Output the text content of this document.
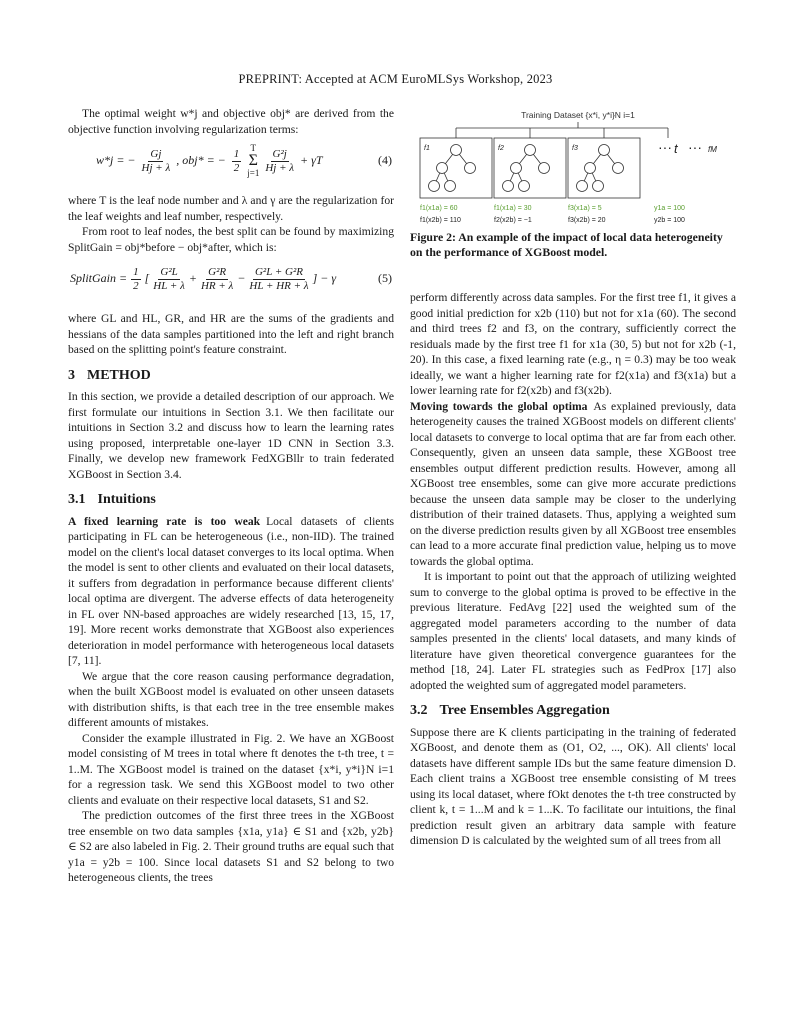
PREPRINT: Accepted at ACM EuroMLSys Workshop, 2023

The optimal weight w*j and objective obj* are derived from the objective function involving regularization terms:

w*j = − $\frac{Gj}{Hj + \lambda}$ , obj* = − $\frac{1}{2}$ T
Σ
$j=1 \frac{\text{G²j}}{Hj + \lambda} + \gamma T$	(4)

where T is the leaf node number and λ and γ are the regularization for the leaf weights and leaf number, respectively.

From root to leaf nodes, the best split can be found by maximizing SplitGain = obj*before − obj*after, which is:

SplitGain = $\frac{1}{2}$ [ $\frac{\text{G²L}}{HL + \lambda} + \frac{\text{G²R}}{HR + \lambda} - \frac{\text{G²L + G²R}}{HL + HR + \lambda}$ ] − γ	(5)

where GL and HL, GR, and HR are the sums of the gradients and hessians of the data samples partitioned into the left and right branch based on the splitting point's feature constraint.

3 METHOD

In this section, we provide a detailed description of our approach. We first formulate our intuitions in Section 3.1. We then facilitate our intuitions in Section 3.2 and discuss how to learn the learning rates using proposed, interpretable one-layer 1D CNN in Section 3.3. Finally, we develop new framework FedXGBllr to train federated XGBoost in Section 3.4.

3.1 Intuitions

A fixed learning rate is too weak Local datasets of clients participating in FL can be heterogeneous (i.e., non-IID). The trained model on the client's local dataset converges to its local optima. When the model is sent to other clients and evaluated on their local datasets, it suffers from degradation in performance because different clients' local optima are divergent. The adverse effects of data heterogeneity in FL over NN-based approaches are widely researched [13, 15, 17, 19]. More recent works demonstrate that XGBoost also experiences deterioration in model performance with heterogeneous local datasets [7, 11].

We argue that the core reason causing performance degradation, when the built XGBoost model is evaluated on other unseen datasets with distribution shifts, is that each tree in the tree ensemble makes different amounts of mistakes.

Consider the example illustrated in Fig. 2. We have an XGBoost model consisting of M trees in total where ft denotes the t-th tree, t = 1..M. The XGBoost model is trained on the dataset {x*i, y*i}N i=1 for a regression task. We send this XGBoost model to two other clients and evaluate on their respective local datasets, S1 and S2.

The prediction outcomes of the first three trees in the XGBoost tree ensemble on two data samples {x1a, y1a} ∈ S1 and {x2b, y2b} ∈ S2 are also labeled in Fig. 2. Their ground truths are equal such that y1a = y2b = 100. Since local datasets S1 and S2 belong to two heterogeneous clients, the trees

Training Dataset {x*i, y*i}N i=1
f1	f2	f3	··· t ··· fM
f1(x1a) = 60	f1(x1a) = 30	f3(x1a) = 5	y1a = 100
f1(x2b) = 110	f2(x2b) = −1	f3(x2b) = 20	y2b = 100
Figure 2: An example of the impact of local data heterogeneity on the performance of XGBoost model.

perform differently across data samples. For the first tree f1, it gives a good initial prediction for x2b (110) but not for x1a (60). The second and third trees f2 and f3, on the contrary, sufficiently correct the residuals made by the first tree f1 for x1a (30, 5) but not for x2b (-1, 20). In this case, a fixed learning rate (e.g., η = 0.3) may be too weak ideally, we want a higher learning rate for f2(x1a) and f3(x1a) but a lower learning rate for f2(x2b) and f3(x2b).

Moving towards the global optima As explained previously, data heterogeneity causes the trained XGBoost models on different clients' local datasets to converge to local optima that are far from each other. Consequently, given an unseen data sample, these XGBoost tree ensembles output different prediction results. However, among all XGBoost tree ensembles, some can give more accurate predictions because the unseen data sample may be closer to the underlying distribution of their trained datasets. Thus, applying a weighted sum on the diverse prediction results given by all XGBoost tree ensembles can lead to a more accurate final prediction value, helping us to move towards the global optima.

It is important to point out that the approach of utilizing weighted sum to converge to the global optima is proved to be effective in the previous literature. FedAvg [22] used the weighted sum of the aggregated model parameters according to the number of data samples presented in the clients' local datasets, and many kinds of literature have given theoretical convergence guarantees for the method [18, 24]. Later FL strategies such as FedProx [17] also adopted the weighted sum of aggregated model parameters.

3.2 Tree Ensembles Aggregation

Suppose there are K clients participating in the training of federated XGBoost, and denote them as (O1, O2, ..., OK). All clients' local datasets have different sample IDs but the same feature dimension D. Each client trains a XGBoost tree ensemble consisting of M trees using its local dataset, where fOkt denotes the t-th tree constructed by client k, t = 1...M and k = 1...K. To facilitate our intuitions, the final prediction result given an arbitrary data sample with feature dimension D is calculated by the weighted sum of all trees from all
